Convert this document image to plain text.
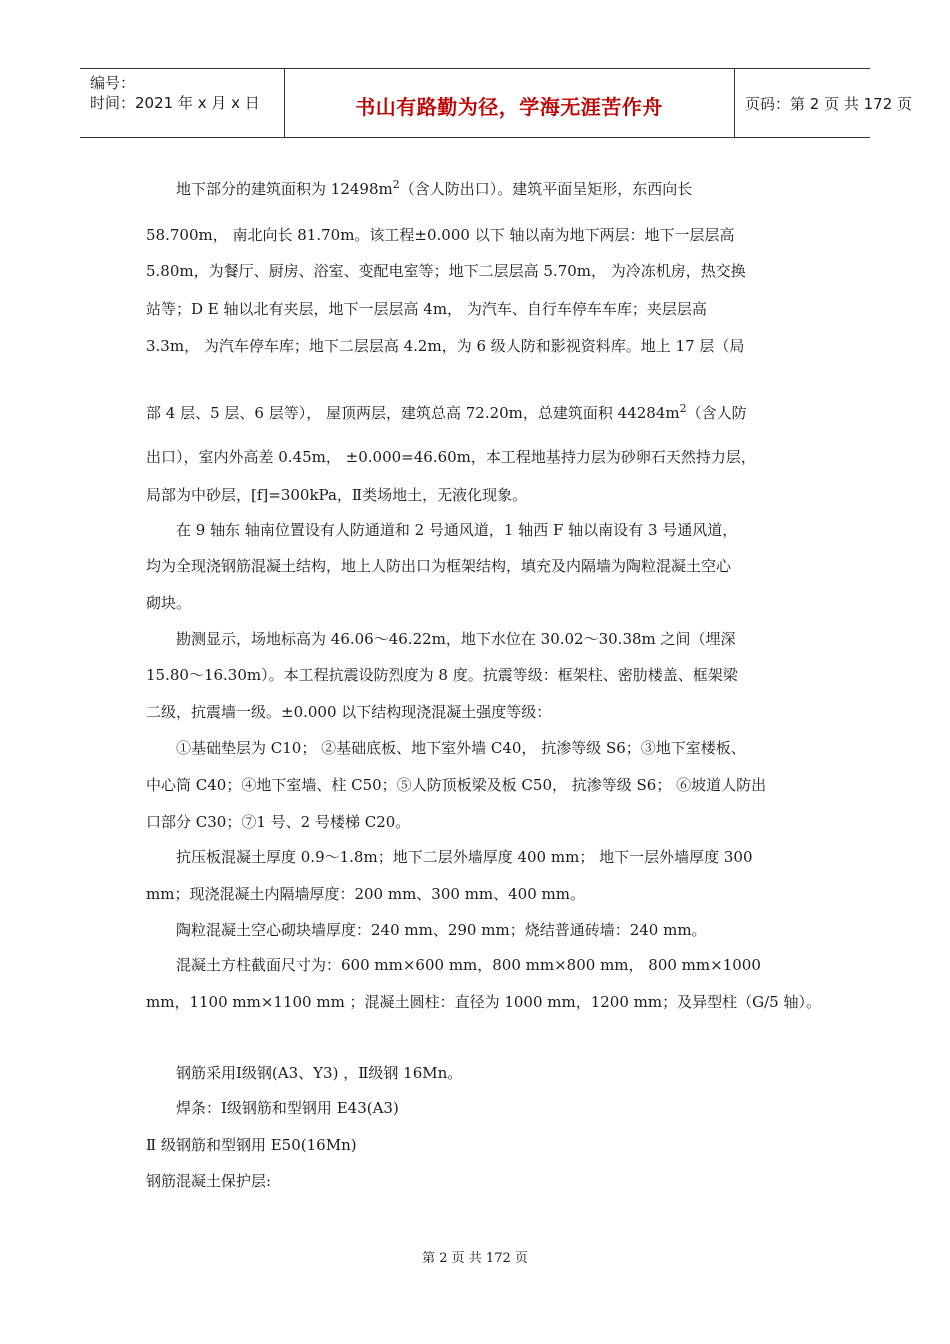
编号：
时间：2021 年 x 月 x 日	书山有路勤为径，学海无涯苦作舟	页码：第 2 页 共 172 页
地下部分的建筑面积为 $12498m^2$（含人防出口）。建筑平面呈矩形，东西向长
58.700m， 南北向长 81.70m。该工程±0.000 以下 轴以南为地下两层：地下一层层高
5.80m，为餐厅、厨房、浴室、变配电室等；地下二层层高 5.70m， 为冷冻机房，热交换
站等；D E 轴以北有夹层，地下一层层高 4m， 为汽车、自行车停车车库；夹层层高
3.3m， 为汽车停车库；地下二层层高 4.2m，为 6 级人防和影视资料库。地上 17 层（局
部 4 层、5 层、6 层等）， 屋顶两层，建筑总高 72.20m，总建筑面积 $44284m^2$（含人防
出口），室内外高差 0.45m， ±0.000=46.60m，本工程地基持力层为砂卵石天然持力层，
局部为中砂层，[f]=300kPa，Ⅱ类场地土，无液化现象。
在 9 轴东 轴南位置设有人防通道和 2 号通风道，1 轴西 F 轴以南设有 3 号通风道，
均为全现浇钢筋混凝土结构，地上人防出口为框架结构，填充及内隔墙为陶粒混凝土空心
砌块。
勘测显示，场地标高为 46.06～46.22m，地下水位在 30.02～30.38m 之间（埋深
15.80～16.30m）。本工程抗震设防烈度为 8 度。抗震等级：框架柱、密肋楼盖、框架梁
二级，抗震墙一级。±0.000 以下结构现浇混凝土强度等级：
①基础垫层为 C10； ②基础底板、地下室外墙 C40， 抗渗等级 S6；③地下室楼板、
中心筒 C40；④地下室墙、柱 C50；⑤人防顶板梁及板 C50， 抗渗等级 S6； ⑥坡道人防出
口部分 C30；⑦1 号、2 号楼梯 C20。
抗压板混凝土厚度 0.9～1.8m；地下二层外墙厚度 400 mm； 地下一层外墙厚度 300
mm；现浇混凝土内隔墙厚度：200 mm、300 mm、400 mm。
陶粒混凝土空心砌块墙厚度：240 mm、290 mm；烧结普通砖墙：240 mm。
混凝土方柱截面尺寸为：600 mm×600 mm，800 mm×800 mm， 800 mm×1000
mm，1100 mm×1100 mm ；混凝土圆柱：直径为 1000 mm，1200 mm；及异型柱（G/5 轴）。
钢筋采用Ⅰ级钢(A3、Y3) ，Ⅱ级钢 16Mn。
焊条：Ⅰ级钢筋和型钢用 E43(A3)
Ⅱ 级钢筋和型钢用 E50(16Mn)
钢筋混凝土保护层:
第 2 页 共 172 页
